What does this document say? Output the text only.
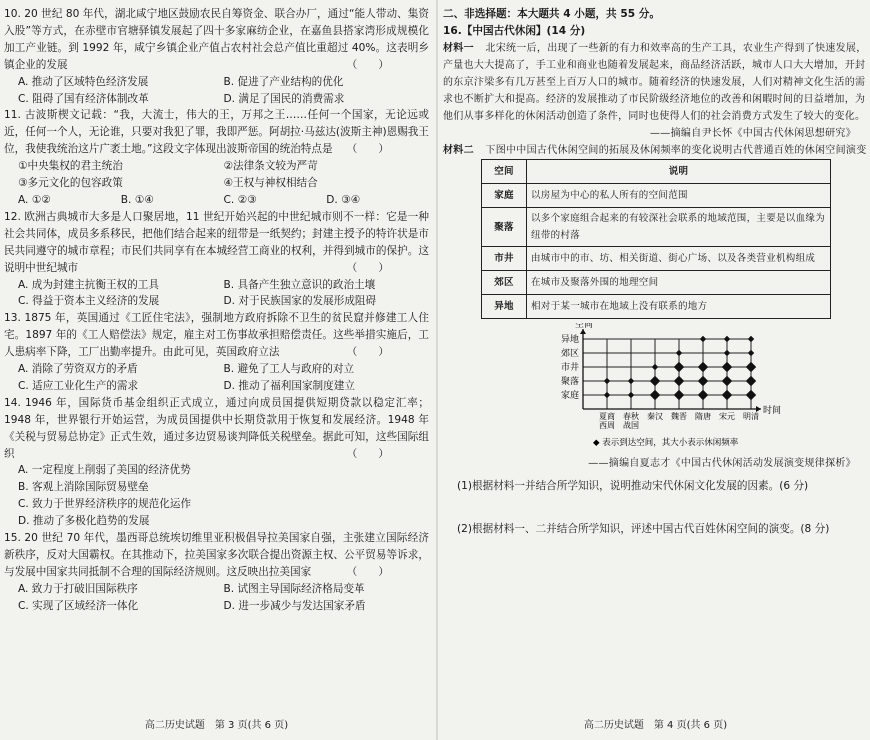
10. 20 世纪 80 年代，湖北咸宁地区鼓励农民自筹资金、联合办厂，通过“能人带动、集资入股”等方式，在赤壁市官塘驿镇发展起了四十多家麻纺企业，在嘉鱼县搭家湾形成规模化加工产业链。到 1992 年，咸宁乡镇企业产值占农村社会总产值比重超过 40%。这表明乡镇企业的发展	（　　）

A. 推动了区域特色经济发展	B. 促进了产业结构的优化
C. 阻碍了国有经济体制改革	D. 满足了国民的消费需求

11. 古波斯楔文记载：“我，大流士，伟大的王，万邦之王……任何一个国家，无论远或近，任何一个人，无论谁，只要对我犯了罪，我即严惩。阿胡拉·马兹达(波斯主神)恩赐我王位，我使我统治这片广袤土地。”这段文字体现出波斯帝国的统治特点是 （　　）

①中央集权的君主统治	②法律条文较为严苛
③多元文化的包容政策	④王权与神权相结合
A. ①②	B. ①④	C. ②③	D. ③④

12. 欧洲古典城市大多是人口聚居地，11 世纪开始兴起的中世纪城市则不一样：它是一种社会共同体，成员多系移民，把他们结合起来的纽带是一纸契约；封建主授予的特许状是市民共同遵守的城市章程；市民们共同享有在本城经营工商业的权利，并得到城市的保护。这说明中世纪城市	（　　）

A. 成为封建主抗衡王权的工具	B. 具备产生独立意识的政治土壤
C. 得益于资本主义经济的发展	D. 对于民族国家的发展形成阻碍

13. 1875 年，英国通过《工匠住宅法》，强制地方政府拆除不卫生的贫民窟并修建工人住宅。1897 年的《工人赔偿法》规定，雇主对工伤事故承担赔偿责任。这些举措实施后，工人患病率下降，工厂出勤率提升。由此可见，英国政府立法	（　　）

A. 消除了劳资双方的矛盾	B. 避免了工人与政府的对立
C. 适应工业化生产的需求	D. 推动了福利国家制度建立

14. 1946 年，国际货币基金组织正式成立，通过向成员国提供短期贷款以稳定汇率；1948 年，世界银行开始运营，为成员国提供中长期贷款用于恢复和发展经济。1948 年《关税与贸易总协定》正式生效，通过多边贸易谈判降低关税壁垒。据此可知，这些国际组织	（　　）

A. 一定程度上削弱了美国的经济优势
B. 客观上消除国际贸易壁垒
C. 致力于世界经济秩序的规范化运作
D. 推动了多极化趋势的发展

15. 20 世纪 70 年代，墨西哥总统埃切维里亚积极倡导拉美国家自强，主张建立国际经济新秩序，反对大国霸权。在其推动下，拉美国家多次联合提出资源主权、公平贸易等诉求，与发展中国家共同抵制不合理的国际经济规则。这反映出拉美国家	（　　）

A. 致力于打破旧国际秩序	B. 试图主导国际经济格局变革
C. 实现了区域经济一体化	D. 进一步减少与发达国家矛盾
高二历史试题　第 3 页(共 6 页)

二、非选择题：本大题共 4 小题，共 55 分。

16.【中国古代休闲】(14 分)

材料一 北宋统一后，出现了一些新的有力和效率高的生产工具，农业生产得到了快速发展，产量也大大提高了，手工业和商业也随着发展起来，商品经济活跃，城市人口大大增加，开封的东京汴梁多有几万甚至上百万人口的城市。随着经济的快速发展，人们对精神文化生活的需求也不断扩大和提高。经济的发展推动了市民阶级经济地位的改善和闲暇时间的日益增加，为他们从事多样化的休闲活动创造了条件，同时也使得人们的社会消费方式发生了较大的变化。
——摘编自尹长怀《中国古代休闲思想研究》
材料二 下图中中国古代休闲空间的拓展及休闲频率的变化说明古代普通百姓的休闲空间演变
空间	说明
家庭	以房屋为中心的私人所有的空间范围
聚落	以多个家庭组合起来的有较深社会联系的地域范围，主要是以血缘为纽带的村落
市井	由城市中的市、坊、相关街道、街心广场、以及各类营业机构组成
郊区	在城市及聚落外围的地理空间
异地	相对于某一城市在地域上没有联系的地方
家庭
聚落
市井
郊区
异地
夏商西周
春秋战国
秦汉 魏晋 隋唐 宋元 明清
时间
空间
◆ 表示到达空间，其大小表示休闲频率
——摘编自夏志才《中国古代休闲活动发展演变规律探析》
(1)根据材料一并结合所学知识，说明推动宋代休闲文化发展的因素。(6 分)
(2)根据材料一、二并结合所学知识，评述中国古代百姓休闲空间的演变。(8 分)
高二历史试题　第 4 页(共 6 页)
